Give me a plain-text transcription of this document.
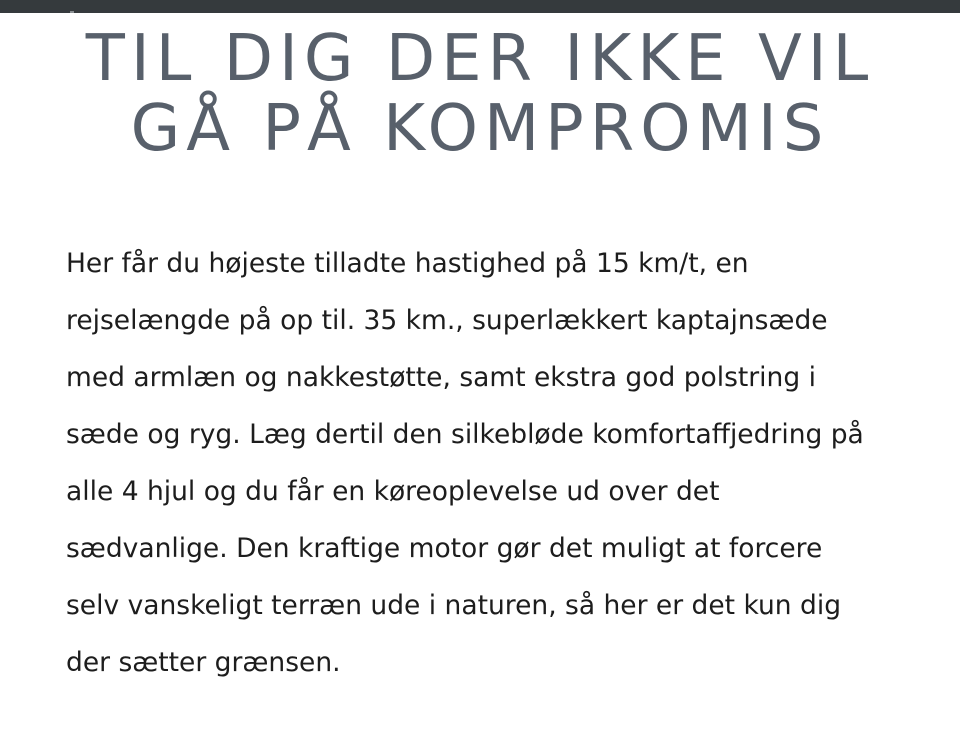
TIL DIG DER IKKE VIL
GÅ PÅ KOMPROMIS

Her får du højeste tilladte hastighed på 15 km/t, en
rejselængde på op til. 35 km., superlækkert kaptajnsæde
med armlæn og nakkestøtte, samt ekstra god polstring i
sæde og ryg. Læg dertil den silkebløde komfortaffjedring på
alle 4 hjul og du får en køreoplevelse ud over det
sædvanlige. Den kraftige motor gør det muligt at forcere
selv vanskeligt terræn ude i naturen, så her er det kun dig
der sætter grænsen.
